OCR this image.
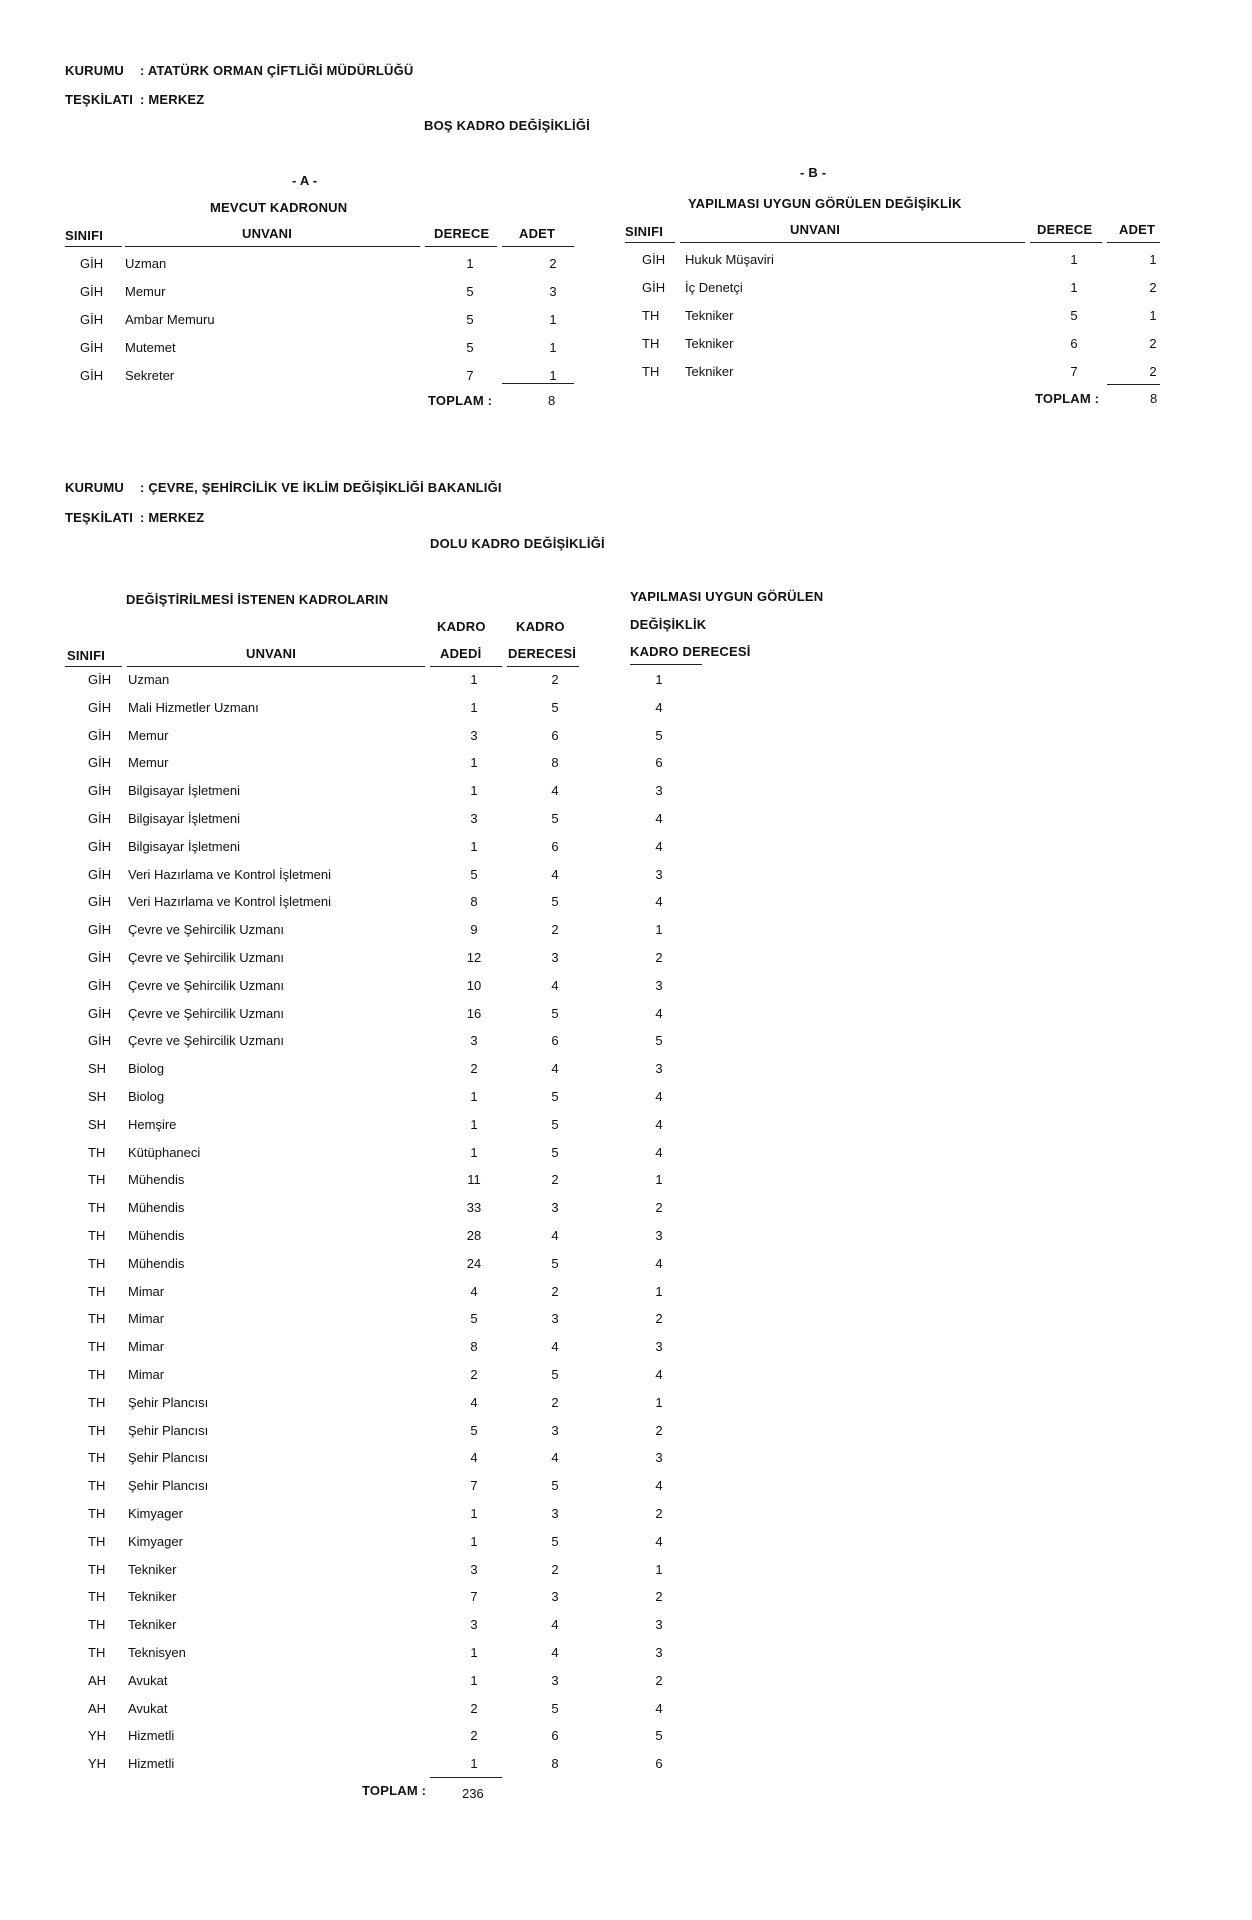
KURUMU : ATATÜRK ORMAN ÇİFTLİĞİ MÜDÜRLÜĞÜ
TEŞKİLATI : MERKEZ
BOŞ KADRO DEĞİŞİKLİĞİ
- A -
MEVCUT KADRONUN
SINIFI	UNVANI	DERECE ADET
GİH Uzman	1	2
GİH Memur	5	3
GİH Ambar Memuru	5	1
GİH Mutemet	5	1
GİH Sekreter	7	1
TOPLAM :	8
- B -
YAPILMASI UYGUN GÖRÜLEN DEĞİŞİKLİK
SINIFI	UNVANI	DERECE ADET
GİH Hukuk Müşaviri	1	1
GİH İç Denetçi	1	2
TH Tekniker	5	1
TH Tekniker	6	2
TH Tekniker	7	2
TOPLAM :	8
KURUMU : ÇEVRE, ŞEHİRCİLİK VE İKLİM DEĞİŞİKLİĞİ BAKANLIĞI
TEŞKİLATI : MERKEZ
DOLU KADRO DEĞİŞİKLİĞİ
DEĞİŞTİRİLMESİ İSTENEN KADROLARIN	YAPILMASI UYGUN GÖRÜLEN
DEĞİŞİKLİK
KADRO DERECESİ
KADRO
ADEDİ
KADRO
DERECESİ
SINIFI	UNVANI
GİH Uzman	1	2	1
GİH Mali Hizmetler Uzmanı	1	5	4
GİH Memur	3	6	5
GİH Memur	1	8	6
GİH Bilgisayar İşletmeni	1	4	3
GİH Bilgisayar İşletmeni	3	5	4
GİH Bilgisayar İşletmeni	1	6	4
GİH Veri Hazırlama ve Kontrol İşletmeni	5	4	3
GİH Veri Hazırlama ve Kontrol İşletmeni	8	5	4
GİH Çevre ve Şehircilik Uzmanı	9	2	1
GİH Çevre ve Şehircilik Uzmanı	12	3	2
GİH Çevre ve Şehircilik Uzmanı	10	4	3
GİH Çevre ve Şehircilik Uzmanı	16	5	4
GİH Çevre ve Şehircilik Uzmanı	3	6	5
SH Biolog	2	4	3
SH Biolog	1	5	4
SH Hemşire	1	5	4
TH Kütüphaneci	1	5	4
TH Mühendis	11	2	1
TH Mühendis	33	3	2
TH Mühendis	28	4	3
TH Mühendis	24	5	4
TH Mimar	4	2	1
TH Mimar	5	3	2
TH Mimar	8	4	3
TH Mimar	2	5	4
TH Şehir Plancısı	4	2	1
TH Şehir Plancısı	5	3	2
TH Şehir Plancısı	4	4	3
TH Şehir Plancısı	7	5	4
TH Kimyager	1	3	2
TH Kimyager	1	5	4
TH Tekniker	3	2	1
TH Tekniker	7	3	2
TH Tekniker	3	4	3
TH Teknisyen	1	4	3
AH Avukat	1	3	2
AH Avukat	2	5	4
YH Hizmetli	2	6	5
YH Hizmetli	1	8	6
TOPLAM :	236
